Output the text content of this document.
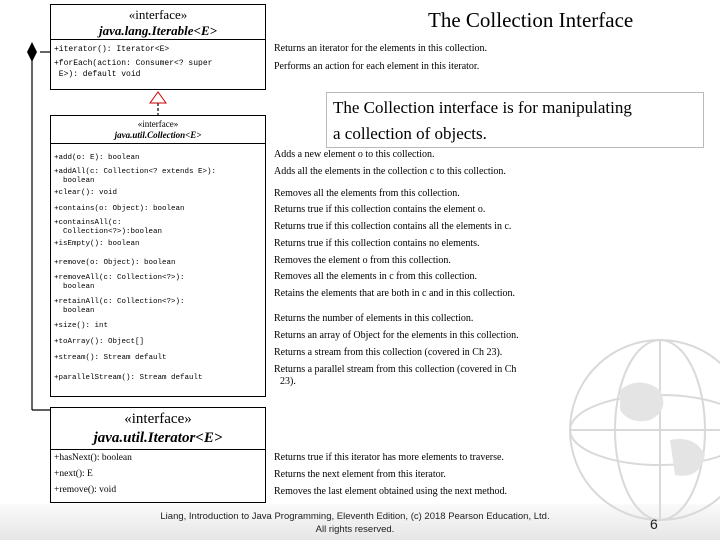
The Collection Interface
«interface»
java.lang.Iterable<E>
+iterator(): Iterator<E>
+forEach(action: Consumer<? super
E>): default void
Returns an iterator for the elements in this collection.
Performs an action for each element in this iterator.
The Collection interface is for manipulating
a collection of objects.
«interface»
java.util.Collection<E>
+add(o: E): boolean
+addAll(c: Collection<? extends E>):
boolean
+clear(): void
+contains(o: Object): boolean
+containsAll(c:
Collection<?>):boolean
+isEmpty(): boolean
+remove(o: Object): boolean
+removeAll(c: Collection<?>):
boolean
+retainAll(c: Collection<?>):
boolean
+size(): int
+toArray(): Object[]
+stream(): Stream default
+parallelStream(): Stream default
Adds a new element o to this collection.
Adds all the elements in the collection c to this collection.
Removes all the elements from this collection.
Returns true if this collection contains the element o.
Returns true if this collection contains all the elements in c.
Returns true if this collection contains no elements.
Removes the element o from this collection.
Removes all the elements in c from this collection.
Retains the elements that are both in c and in this collection.
Returns the number of elements in this collection.
Returns an array of Object for the elements in this collection.
Returns a stream from this collection (covered in Ch 23).
Returns a parallel stream from this collection (covered in Ch
23).
«interface»
java.util.Iterator<E>
+hasNext(): boolean
+next(): E
+remove(): void
Returns true if this iterator has more elements to traverse.
Returns the next element from this iterator.
Removes the last element obtained using the next method.
Liang, Introduction to Java Programming, Eleventh Edition, (c) 2018 Pearson Education, Ltd.
All rights reserved.	6
